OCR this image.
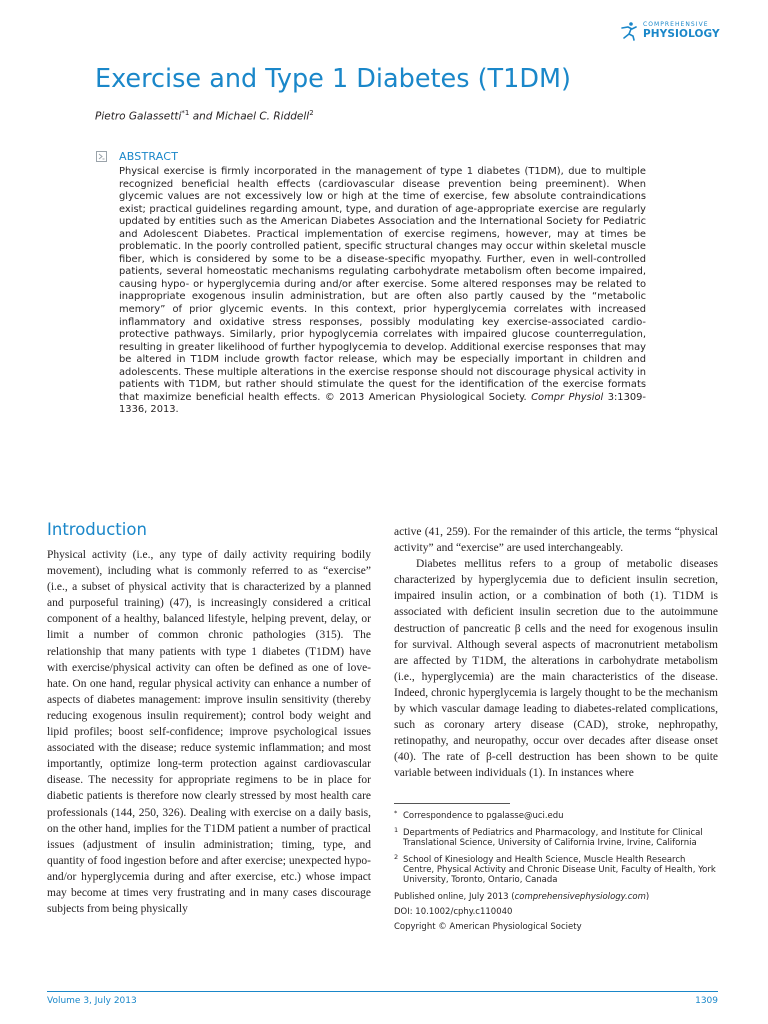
COMPREHENSIVE
PHYSIOLOGY
Exercise and Type 1 Diabetes (T1DM)
Pietro Galassetti$^{*1}$ and Michael C. Riddell$^2$
ABSTRACT
Physical exercise is firmly incorporated in the management of type 1 diabetes (T1DM), due to multiple recognized beneficial health effects (cardiovascular disease prevention being preeminent). When glycemic values are not excessively low or high at the time of exercise, few absolute contraindications exist; practical guidelines regarding amount, type, and duration of age-appropriate exercise are regularly updated by entities such as the American Diabetes Association and the International Society for Pediatric and Adolescent Diabetes. Practical implementation of exercise regimens, however, may at times be problematic. In the poorly controlled patient, specific structural changes may occur within skeletal muscle fiber, which is considered by some to be a disease-specific myopathy. Further, even in well-controlled patients, several homeostatic mechanisms regulating carbohydrate metabolism often become impaired, causing hypo- or hyperglycemia during and/or after exercise. Some altered responses may be related to inappropriate exogenous insulin administration, but are often also partly caused by the “metabolic memory” of prior glycemic events. In this context, prior hyperglycemia correlates with increased inflammatory and oxidative stress responses, possibly modulating key exercise-associated cardio-protective pathways. Similarly, prior hypoglycemia correlates with impaired glucose counterregulation, resulting in greater likelihood of further hypoglycemia to develop. Additional exercise responses that may be altered in T1DM include growth factor release, which may be especially important in children and adolescents. These multiple alterations in the exercise response should not discourage physical activity in patients with T1DM, but rather should stimulate the quest for the identification of the exercise formats that maximize beneficial health effects. © 2013 American Physiological Society. Compr Physiol 3:1309-1336, 2013.
Introduction

Physical activity (i.e., any type of daily activity requiring bodily movement), including what is commonly referred to as “exercise” (i.e., a subset of physical activity that is characterized by a planned and purposeful training) (47), is increasingly considered a critical component of a healthy, balanced lifestyle, helping prevent, delay, or limit a number of common chronic pathologies (315). The relationship that many patients with type 1 diabetes (T1DM) have with exercise/physical activity can often be defined as one of love-hate. On one hand, regular physical activity can enhance a number of aspects of diabetes management: improve insulin sensitivity (thereby reducing exogenous insulin requirement); control body weight and lipid profiles; boost self-confidence; improve psychological issues associated with the disease; reduce systemic inflammation; and most importantly, optimize long-term protection against cardiovascular disease. The necessity for appropriate regimens to be in place for diabetic patients is therefore now clearly stressed by most health care professionals (144, 250, 326). Dealing with exercise on a daily basis, on the other hand, implies for the T1DM patient a number of practical issues (adjustment of insulin administration; timing, type, and quantity of food ingestion before and after exercise; unexpected hypo- and/or hyperglycemia during and after exercise, etc.) whose impact may become at times very frustrating and in many cases discourage subjects from being physically

active (41, 259). For the remainder of this article, the terms “physical activity” and “exercise” are used interchangeably.

Diabetes mellitus refers to a group of metabolic diseases characterized by hyperglycemia due to deficient insulin secretion, impaired insulin action, or a combination of both (1). T1DM is associated with deficient insulin secretion due to the autoimmune destruction of pancreatic β cells and the need for exogenous insulin for survival. Although several aspects of macronutrient metabolism are affected by T1DM, the alterations in carbohydrate metabolism (i.e., hyperglycemia) are the main characteristics of the disease. Indeed, chronic hyperglycemia is largely thought to be the mechanism by which vascular damage leading to diabetes-related complications, such as coronary artery disease (CAD), stroke, nephropathy, retinopathy, and neuropathy, occur over decades after disease onset (40). The rate of β-cell destruction has been shown to be quite variable between individuals (1). In instances where

* Correspondence to pgalasse@uci.edu

1 Departments of Pediatrics and Pharmacology, and Institute for Clinical Translational Science, University of California Irvine, Irvine, California

2 School of Kinesiology and Health Science, Muscle Health Research Centre, Physical Activity and Chronic Disease Unit, Faculty of Health, York University, Toronto, Ontario, Canada

Published online, July 2013 (comprehensivephysiology.com)

DOI: 10.1002/cphy.c110040

Copyright © American Physiological Society

Volume 3, July 2013	1309
